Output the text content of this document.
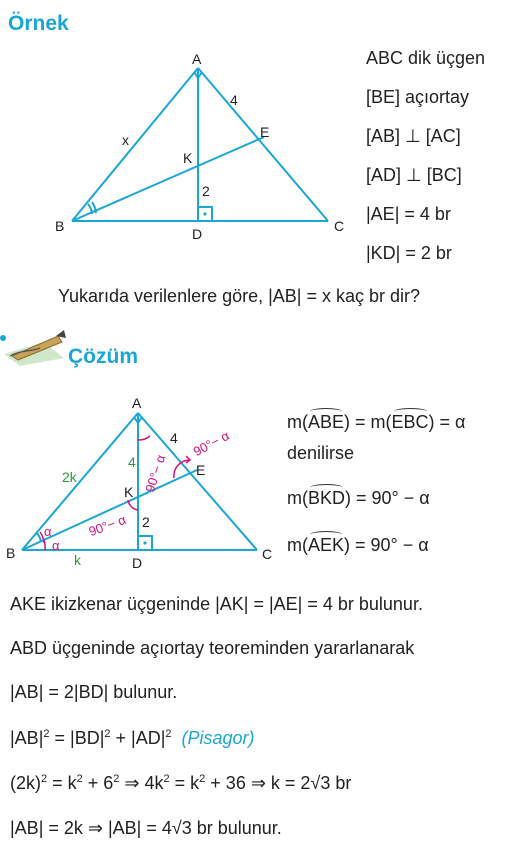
Örnek
A
B	C
D
E
K
4
2
x
ABC dik üçgen
[BE] açıortay
[AB] ⊥ [AC]
[AD] ⊥ [BC]
|AE| = 4 br
|KD| = 2 br
Yukarıda verilenlere göre, |AB| = x kaç br dir?
Çözüm
A
B	C
D
E
K
2k
k
4
4
2
α
α
90°− α
90°− α
90°− α
m(ABE) = m(EBC) = α
denilirse
m(BKD) = 90° − α
m(AEK) = 90° − α
AKE ikizkenar üçgeninde |AK| = |AE| = 4 br bulunur.
ABD üçgeninde açıortay teoreminden yararlanarak
|AB| = 2|BD| bulunur.
$|AB|^2 = |BD|^2 + |AD|^2$ (Pisagor)
$(2k)^2 = k^2 + 6^2$ ⇒ $4k^2 = k^2 + 36$ ⇒ k = 2√3 br
|AB| = 2k ⇒ |AB| = 4√3 br bulunur.
